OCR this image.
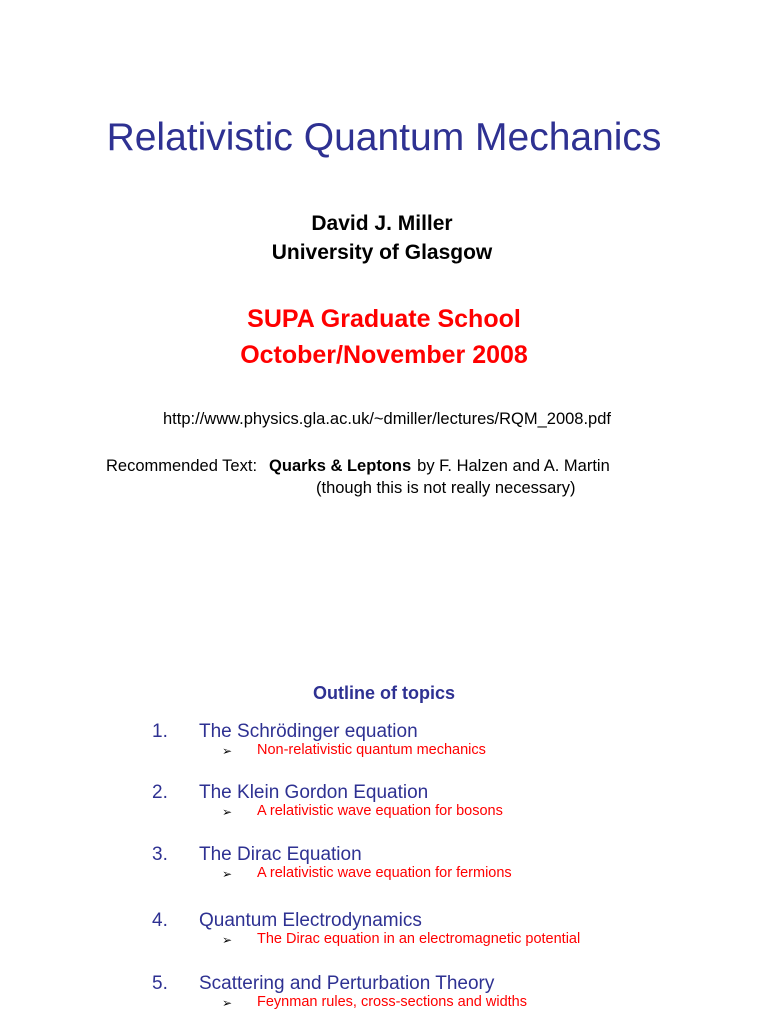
Relativistic Quantum Mechanics
David J. Miller
University of Glasgow
SUPA Graduate School
October/November 2008
http://www.physics.gla.ac.uk/~dmiller/lectures/RQM_2008.pdf
Recommended Text: Quarks & Leptons by F. Halzen and A. Martin
(though this is not really necessary)
Outline of topics
1. The Schrödinger equation
➢ Non-relativistic quantum mechanics
2. The Klein Gordon Equation
➢ A relativistic wave equation for bosons
3. The Dirac Equation
➢ A relativistic wave equation for fermions
4. Quantum Electrodynamics
➢ The Dirac equation in an electromagnetic potential
5. Scattering and Perturbation Theory
➢ Feynman rules, cross-sections and widths
